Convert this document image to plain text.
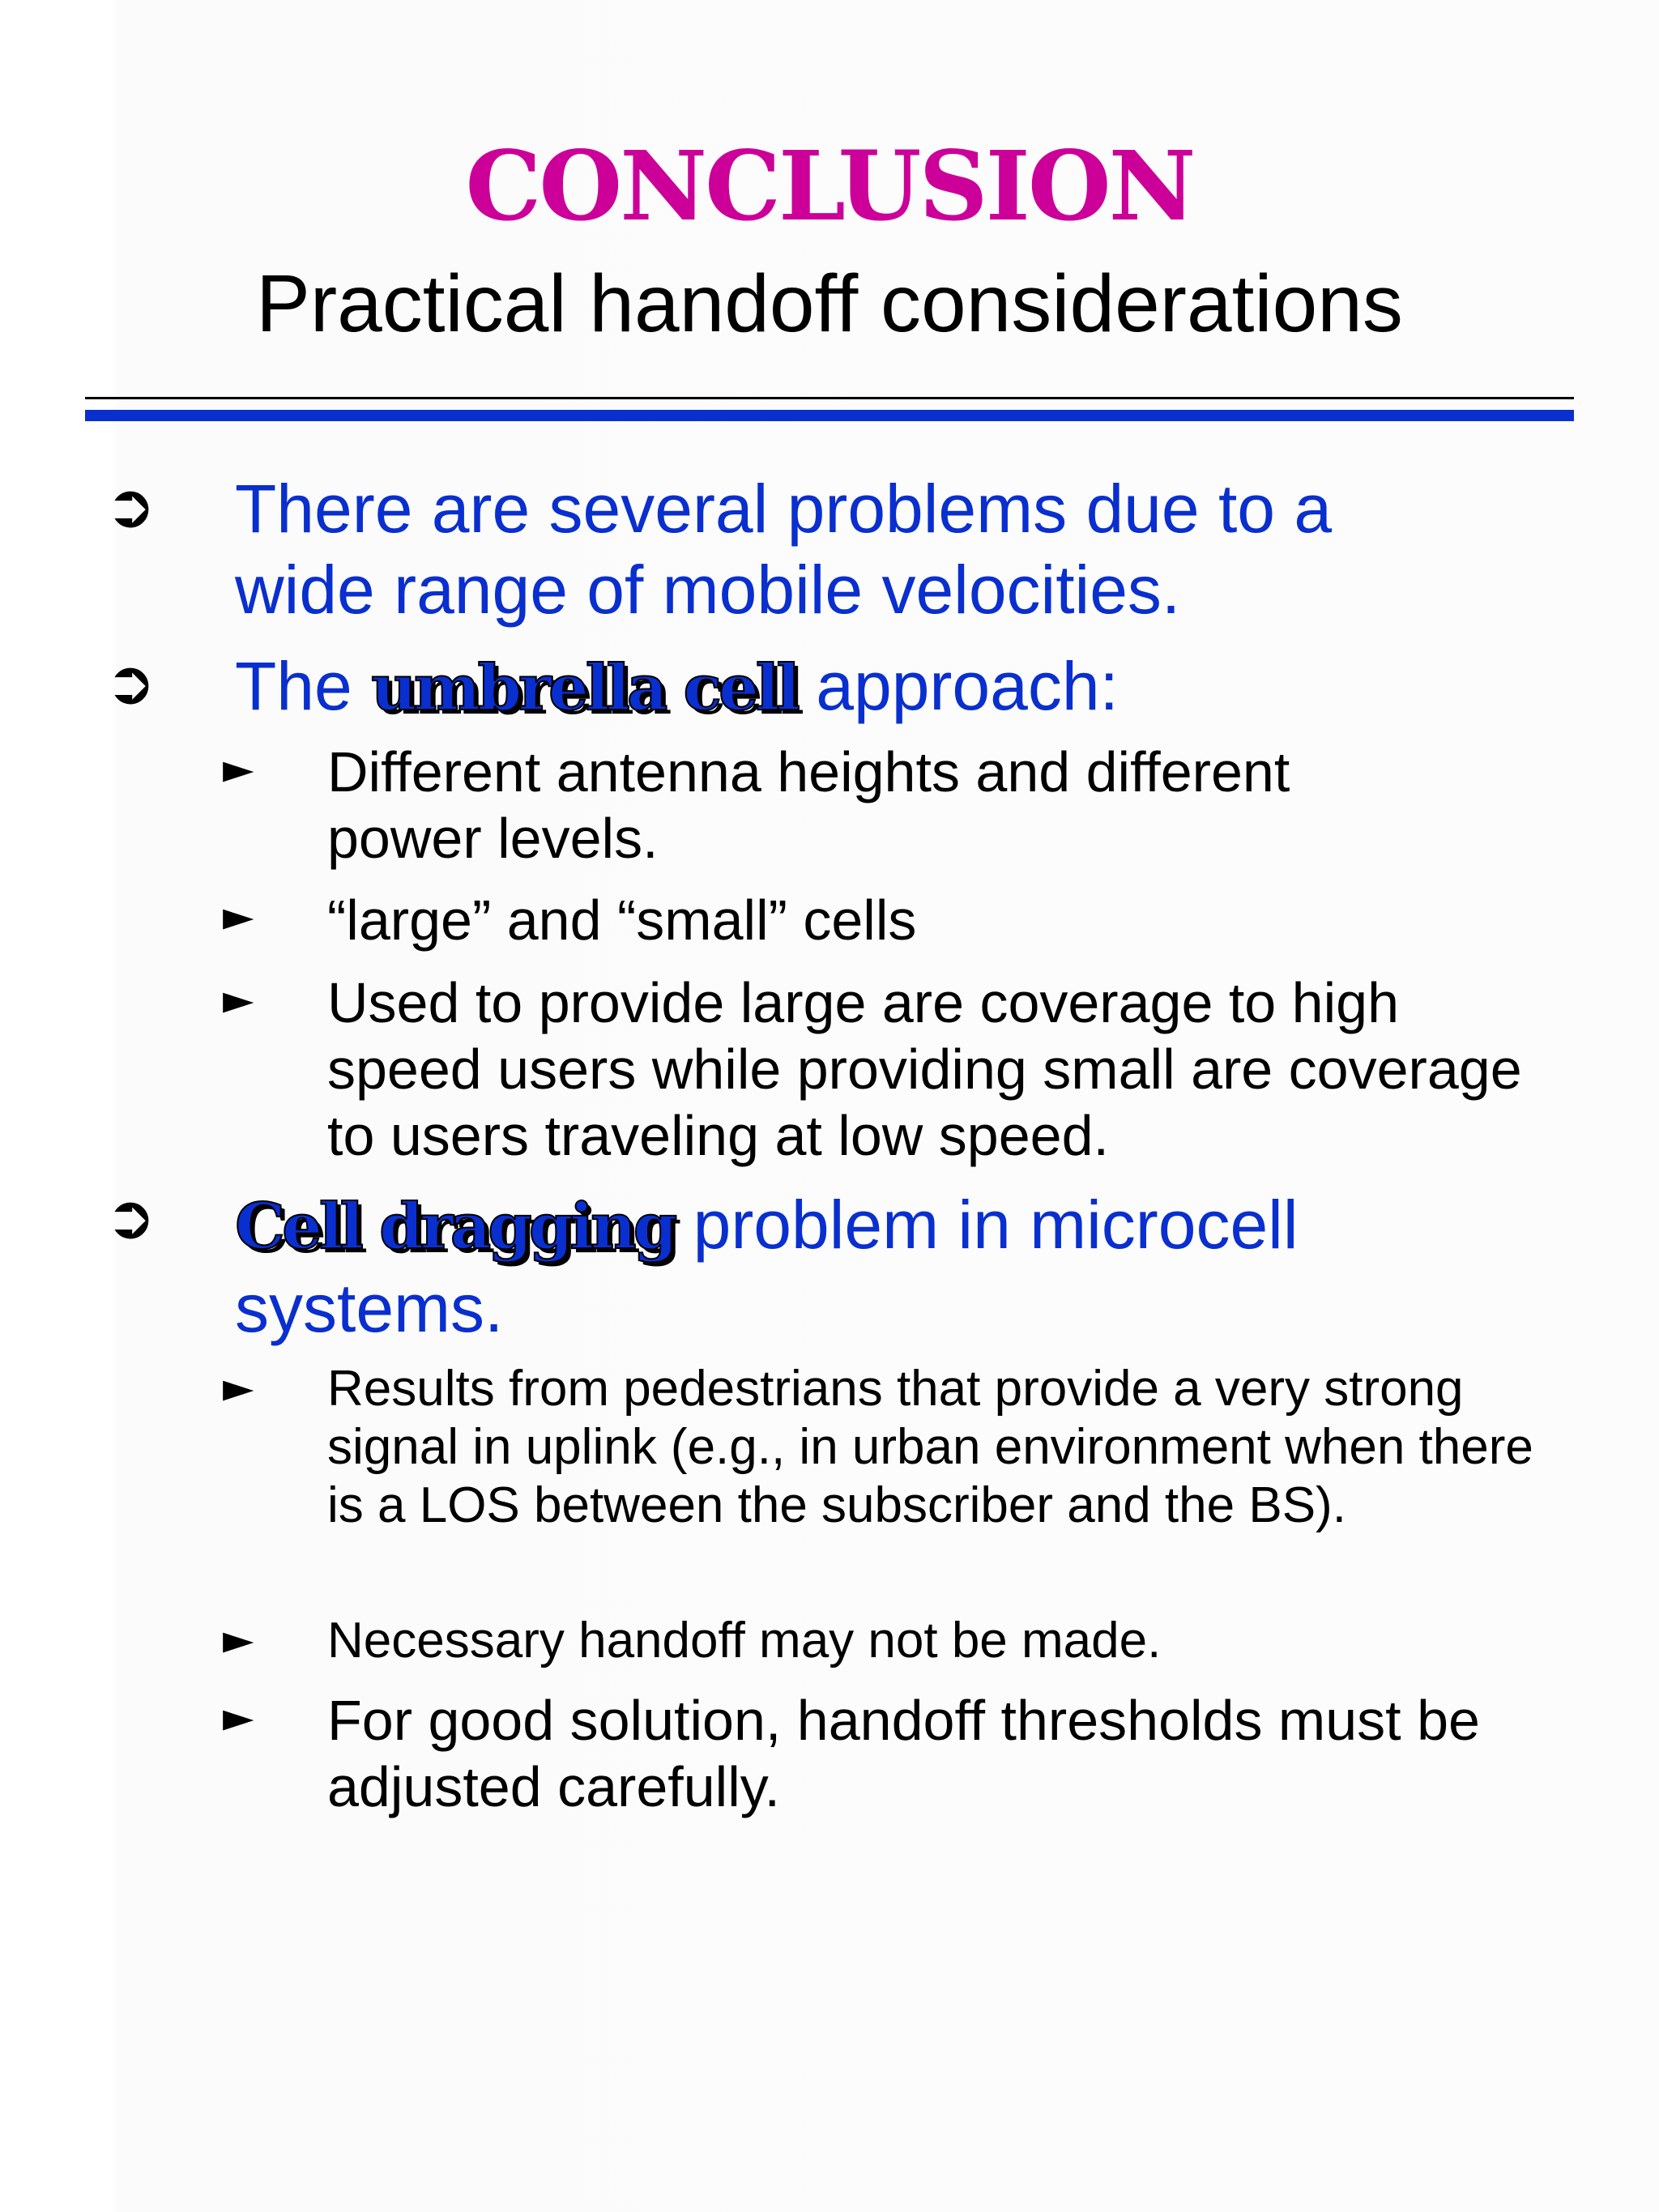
CONCLUSION
Practical handoff considerations
➲ There are several problems due to a wide range of mobile velocities.
➲ The umbrella cell approach:
► Different antenna heights and different power levels.
► “large” and “small” cells
► Used to provide large are coverage to high speed users while providing small are coverage to users traveling at low speed.
➲ Cell dragging problem in microcell systems.
► Results from pedestrians that provide a very strong signal in uplink (e.g., in urban environment when there is a LOS between the subscriber and the BS).
► Necessary handoff may not be made.
► For good solution, handoff thresholds must be adjusted carefully.
